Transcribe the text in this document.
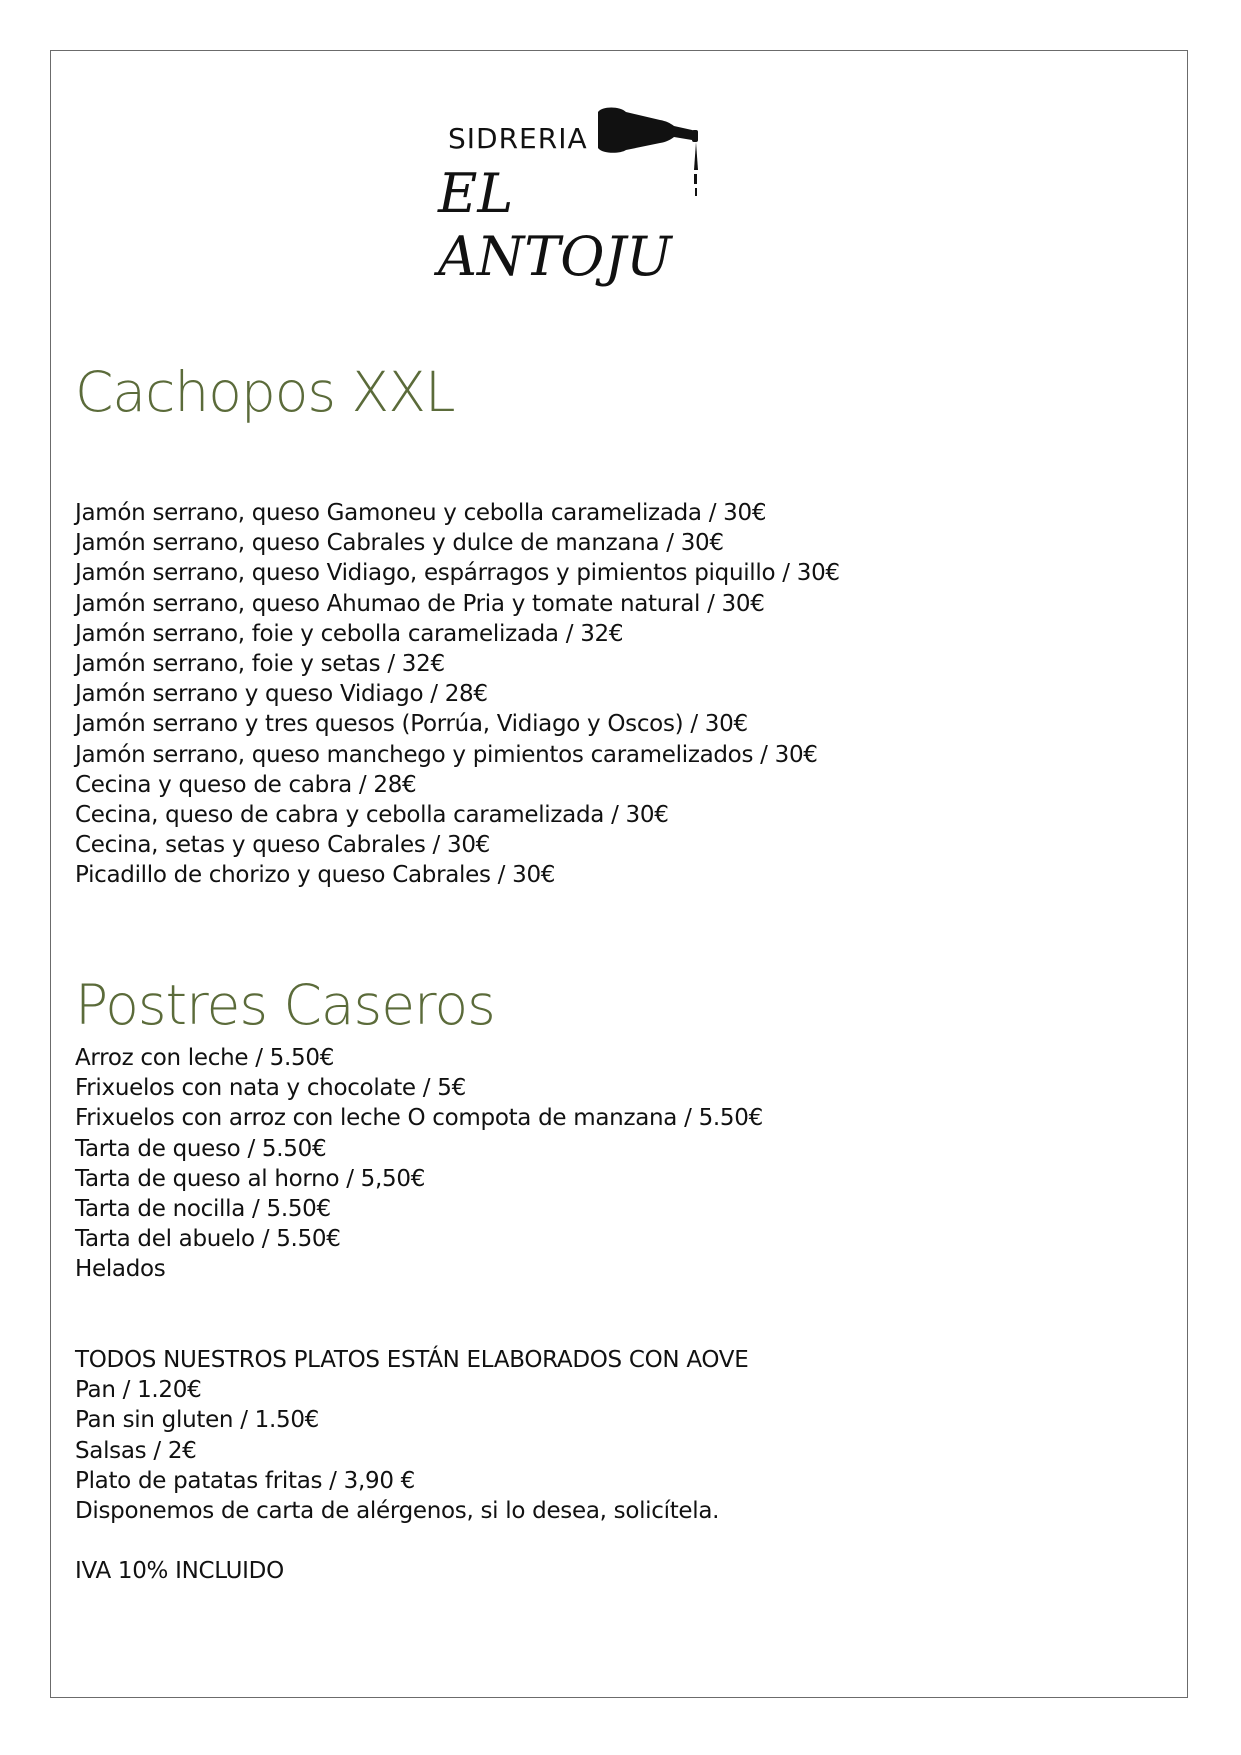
SIDRERIA
EL ANTOJU
Cachopos XXL
Jamón serrano, queso Gamoneu y cebolla caramelizada / 30€
Jamón serrano, queso Cabrales y dulce de manzana / 30€
Jamón serrano, queso Vidiago, espárragos y pimientos piquillo / 30€
Jamón serrano, queso Ahumao de Pria y tomate natural / 30€
Jamón serrano, foie y cebolla caramelizada / 32€
Jamón serrano, foie y setas / 32€
Jamón serrano y queso Vidiago / 28€
Jamón serrano y tres quesos (Porrúa, Vidiago y Oscos) / 30€
Jamón serrano, queso manchego y pimientos caramelizados / 30€
Cecina y queso de cabra / 28€
Cecina, queso de cabra y cebolla caramelizada / 30€
Cecina, setas y queso Cabrales / 30€
Picadillo de chorizo y queso Cabrales / 30€
Postres Caseros
Arroz con leche / 5.50€
Frixuelos con nata y chocolate / 5€
Frixuelos con arroz con leche O compota de manzana / 5.50€
Tarta de queso / 5.50€
Tarta de queso al horno / 5,50€
Tarta de nocilla / 5.50€
Tarta del abuelo / 5.50€
Helados
TODOS NUESTROS PLATOS ESTÁN ELABORADOS CON AOVE
Pan / 1.20€
Pan sin gluten / 1.50€
Salsas / 2€
Plato de patatas fritas / 3,90 €
Disponemos de carta de alérgenos, si lo desea, solicítela.
IVA 10% INCLUIDO
